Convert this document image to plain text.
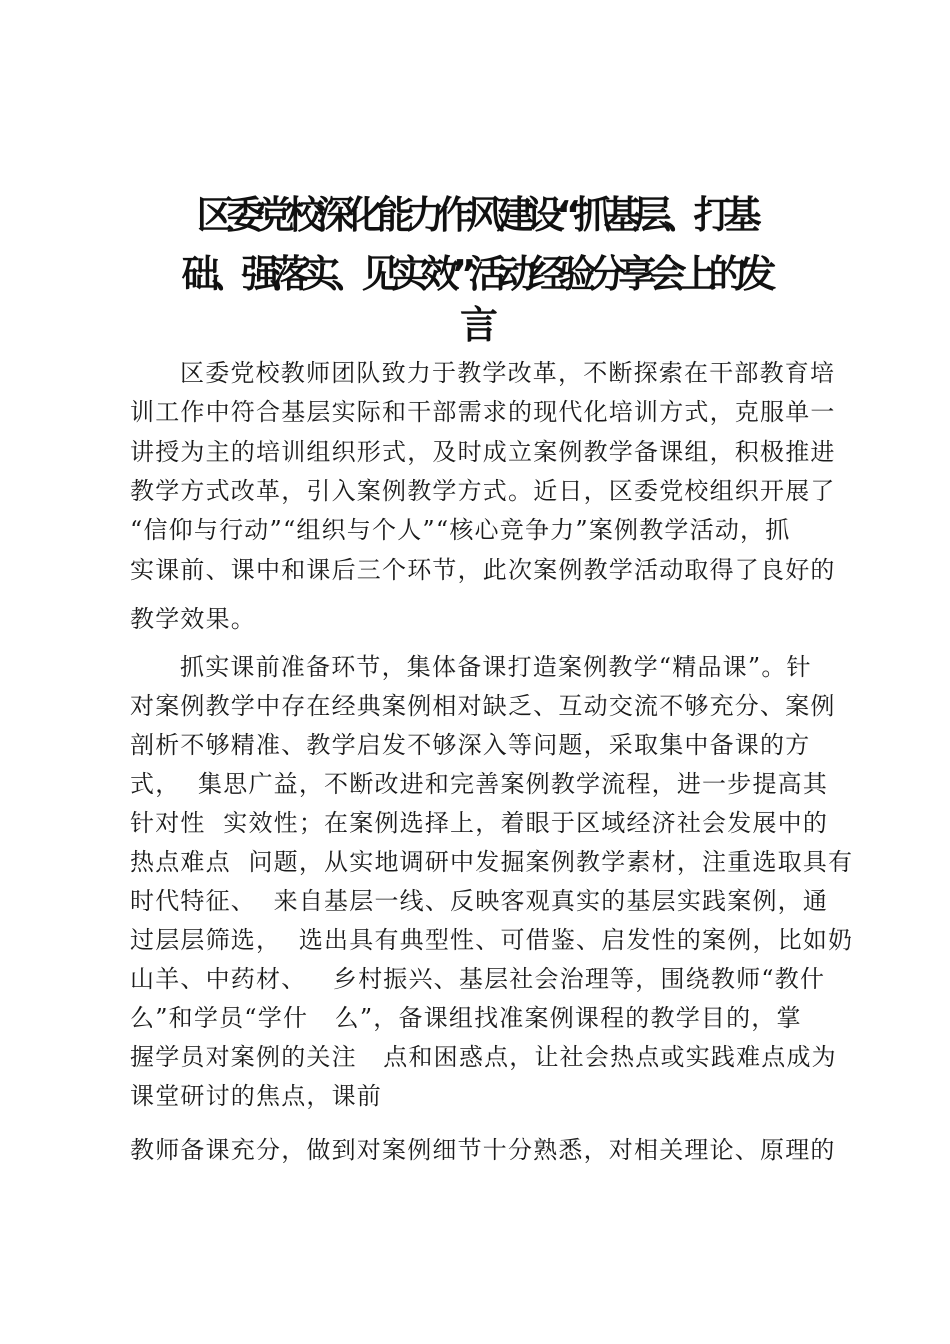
区委党校深化能力作风建设“抓基层、打基
础、强落实、见实效”活动经验分享会上的发
言
区委党校教师团队致力于教学改革，不断探索在干部教育培
训工作中符合基层实际和干部需求的现代化培训方式，克服单一
讲授为主的培训组织形式，及时成立案例教学备课组，积极推进
教学方式改革，引入案例教学方式。近日，区委党校组织开展了
“信仰与行动”“组织与个人”“核心竞争力”案例教学活动，抓
实课前、课中和课后三个环节，此次案例教学活动取得了良好的
教学效果。
抓实课前准备环节，集体备课打造案例教学“精品课”。针
对案例教学中存在经典案例相对缺乏、互动交流不够充分、案例
剖析不够精准、教学启发不够深入等问题，采取集中备课的方
式，  集思广益，不断改进和完善案例教学流程，进一步提高其
针对性  实效性；在案例选择上，着眼于区域经济社会发展中的
热点难点  问题，从实地调研中发掘案例教学素材，注重选取具有
时代特征、  来自基层一线、反映客观真实的基层实践案例，通
过层层筛选，  选出具有典型性、可借鉴、启发性的案例，比如奶
山羊、中药材、   乡村振兴、基层社会治理等，围绕教师“教什
么”和学员“学什   么”，备课组找准案例课程的教学目的，掌
握学员对案例的关注   点和困惑点，让社会热点或实践难点成为
课堂研讨的焦点，课前
教师备课充分，做到对案例细节十分熟悉，对相关理论、原理的
